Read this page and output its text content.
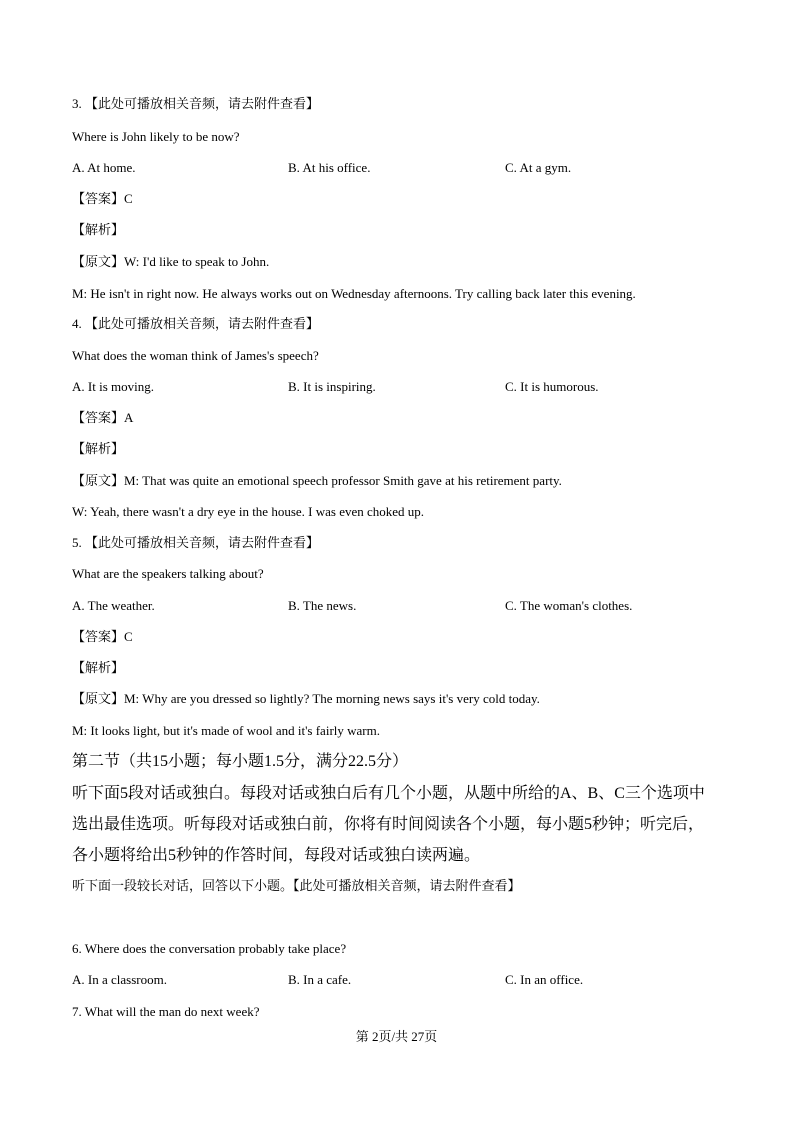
3. 【此处可播放相关音频，请去附件查看】
Where is John likely to be now?
A. At home.	B. At his office.	C. At a gym.
【答案】C
【解析】
【原文】W: I'd like to speak to John.
M: He isn't in right now. He always works out on Wednesday afternoons. Try calling back later this evening.
4. 【此处可播放相关音频，请去附件查看】
What does the woman think of James's speech?
A. It is moving.	B. It is inspiring.	C. It is humorous.
【答案】A
【解析】
【原文】M: That was quite an emotional speech professor Smith gave at his retirement party.
W: Yeah, there wasn't a dry eye in the house. I was even choked up.
5. 【此处可播放相关音频，请去附件查看】
What are the speakers talking about?
A. The weather.	B. The news.	C. The woman's clothes.
【答案】C
【解析】
【原文】M: Why are you dressed so lightly? The morning news says it's very cold today.
M: It looks light, but it's made of wool and it's fairly warm.
第二节（共15小题；每小题1.5分，满分22.5分）
听下面5段对话或独白。每段对话或独白后有几个小题，从题中所给的A、B、C三个选项中
选出最佳选项。听每段对话或独白前，你将有时间阅读各个小题，每小题5秒钟；听完后，
各小题将给出5秒钟的作答时间，每段对话或独白读两遍。
听下面一段较长对话，回答以下小题。【此处可播放相关音频，请去附件查看】
6. Where does the conversation probably take place?
A. In a classroom.	B. In a cafe.	C. In an office.
7. What will the man do next week?
第 2页/共 27页
